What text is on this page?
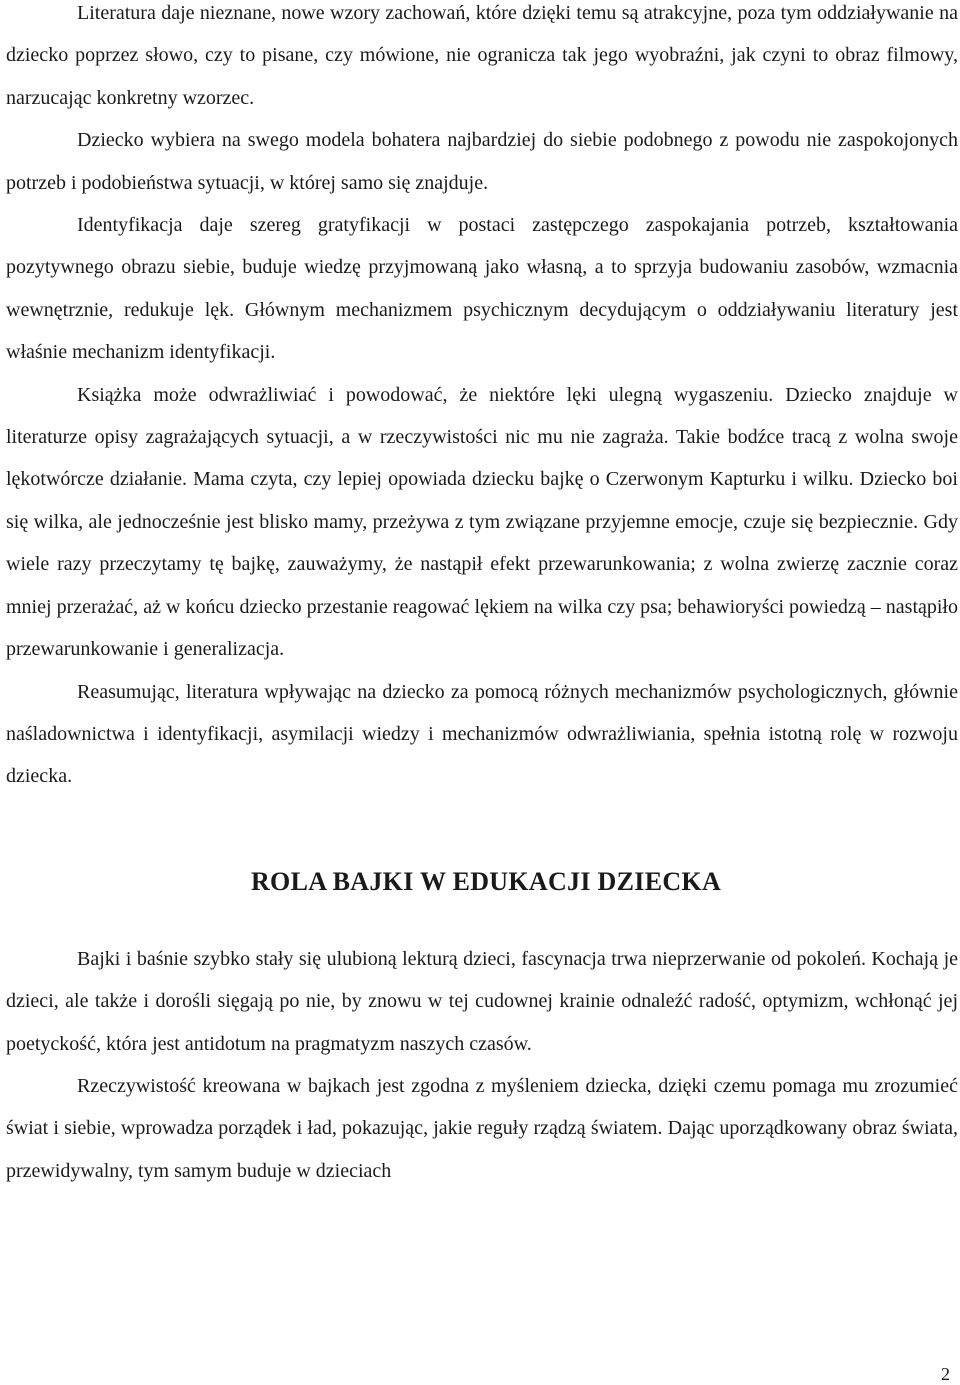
Literatura daje nieznane, nowe wzory zachowań, które dzięki temu są atrakcyjne, poza tym oddziaływanie na dziecko poprzez słowo, czy to pisane, czy mówione, nie ogranicza tak jego wyobraźni, jak czyni to obraz filmowy, narzucając konkretny wzorzec.

Dziecko wybiera na swego modela bohatera najbardziej do siebie podobnego z powodu nie zaspokojonych potrzeb i podobieństwa sytuacji, w której samo się znajduje.

Identyfikacja daje szereg gratyfikacji w postaci zastępczego zaspokajania potrzeb, kształtowania pozytywnego obrazu siebie, buduje wiedzę przyjmowaną jako własną, a to sprzyja budowaniu zasobów, wzmacnia wewnętrznie, redukuje lęk. Głównym mechanizmem psychicznym decydującym o oddziaływaniu literatury jest właśnie mechanizm identyfikacji.

Książka może odwrażliwiać i powodować, że niektóre lęki ulegną wygaszeniu. Dziecko znajduje w literaturze opisy zagrażających sytuacji, a w rzeczywistości nic mu nie zagraża. Takie bodźce tracą z wolna swoje lękotwórcze działanie. Mama czyta, czy lepiej opowiada dziecku bajkę o Czerwonym Kapturku i wilku. Dziecko boi się wilka, ale jednocześnie jest blisko mamy, przeżywa z tym związane przyjemne emocje, czuje się bezpiecznie. Gdy wiele razy przeczytamy tę bajkę, zauważymy, że nastąpił efekt przewarunkowania; z wolna zwierzę zacznie coraz mniej przerażać, aż w końcu dziecko przestanie reagować lękiem na wilka czy psa; behawioryści powiedzą – nastąpiło przewarunkowanie i generalizacja.

Reasumując, literatura wpływając na dziecko za pomocą różnych mechanizmów psychologicznych, głównie naśladownictwa i identyfikacji, asymilacji wiedzy i mechanizmów odwrażliwiania, spełnia istotną rolę w rozwoju dziecka.

ROLA BAJKI W EDUKACJI DZIECKA

Bajki i baśnie szybko stały się ulubioną lekturą dzieci, fascynacja trwa nieprzerwanie od pokoleń. Kochają je dzieci, ale także i dorośli sięgają po nie, by znowu w tej cudownej krainie odnaleźć radość, optymizm, wchłonąć jej poetyckość, która jest antidotum na pragmatyzm naszych czasów.

Rzeczywistość kreowana w bajkach jest zgodna z myśleniem dziecka, dzięki czemu pomaga mu zrozumieć świat i siebie, wprowadza porządek i ład, pokazując, jakie reguły rządzą światem. Dając uporządkowany obraz świata, przewidywalny, tym samym buduje w dzieciach

2
